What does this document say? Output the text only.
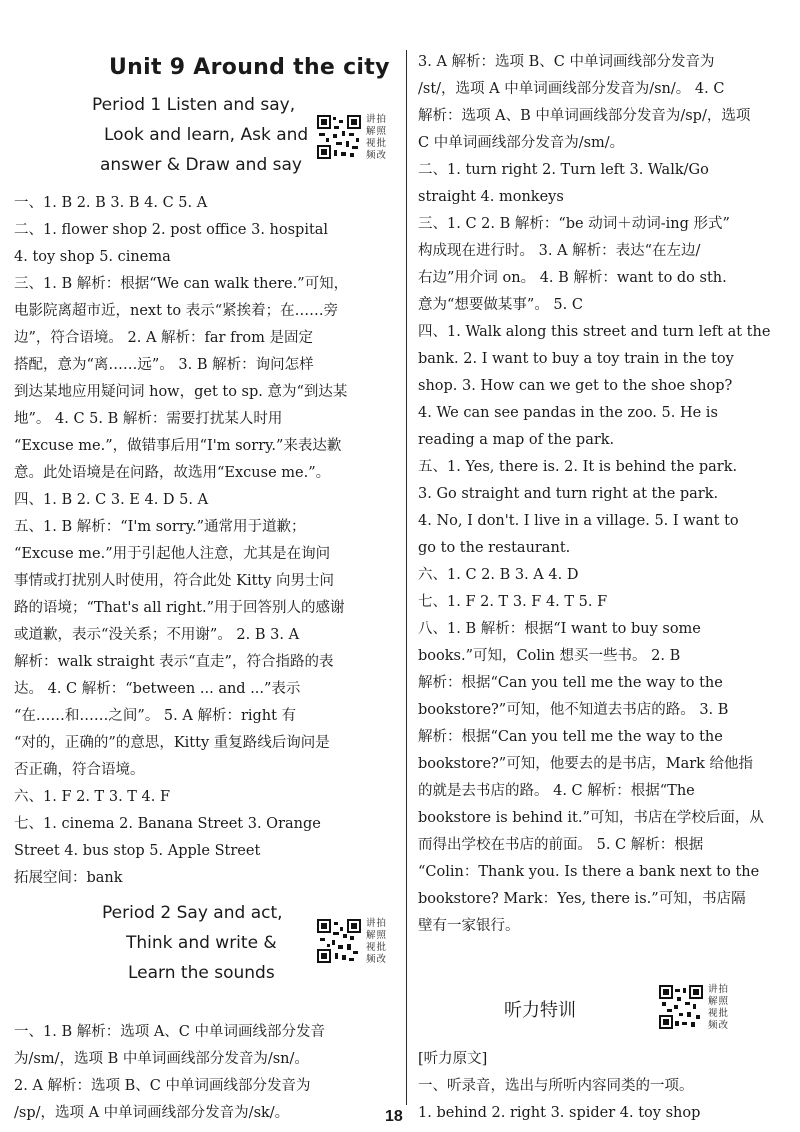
Unit 9 Around the city
Period 1 Listen and say,
Look and learn, Ask and
answer & Draw and say
讲拍解照视批频改
一、1. B 2. B 3. B 4. C 5. A
二、1. flower shop 2. post office 3. hospital
4. toy shop 5. cinema
三、1. B 解析：根据“We can walk there.”可知，
电影院离超市近，next to 表示“紧挨着；在……旁
边”，符合语境。 2. A 解析：far from 是固定
搭配，意为“离……远”。 3. B 解析：询问怎样
到达某地应用疑问词 how，get to sp. 意为“到达某
地”。 4. C 5. B 解析：需要打扰某人时用
“Excuse me.”，做错事后用“I'm sorry.”来表达歉
意。此处语境是在问路，故选用“Excuse me.”。
四、1. B 2. C 3. E 4. D 5. A
五、1. B 解析：“I'm sorry.”通常用于道歉；
“Excuse me.”用于引起他人注意，尤其是在询问
事情或打扰别人时使用，符合此处 Kitty 向男士问
路的语境；“That's all right.”用于回答别人的感谢
或道歉，表示“没关系；不用谢”。 2. B 3. A
解析：walk straight 表示“直走”，符合指路的表
达。 4. C 解析：“between ... and ...”表示
“在……和……之间”。 5. A 解析：right 有
“对的，正确的”的意思，Kitty 重复路线后询问是
否正确，符合语境。
六、1. F 2. T 3. T 4. F
七、1. cinema 2. Banana Street 3. Orange
Street 4. bus stop 5. Apple Street
拓展空间：bank
Period 2 Say and act,
Think and write &
Learn the sounds
讲拍解照视批频改
一、1. B 解析：选项 A、C 中单词画线部分发音
为/sm/，选项 B 中单词画线部分发音为/sn/。
2. A 解析：选项 B、C 中单词画线部分发音为
/sp/，选项 A 中单词画线部分发音为/sk/。
3. A 解析：选项 B、C 中单词画线部分发音为
/st/，选项 A 中单词画线部分发音为/sn/。 4. C
解析：选项 A、B 中单词画线部分发音为/sp/，选项
C 中单词画线部分发音为/sm/。
二、1. turn right 2. Turn left 3. Walk/Go
straight 4. monkeys
三、1. C 2. B 解析：“be 动词＋动词-ing 形式”
构成现在进行时。 3. A 解析：表达“在左边/
右边”用介词 on。 4. B 解析：want to do sth.
意为“想要做某事”。 5. C
四、1. Walk along this street and turn left at the
bank. 2. I want to buy a toy train in the toy
shop. 3. How can we get to the shoe shop?
4. We can see pandas in the zoo. 5. He is
reading a map of the park.
五、1. Yes, there is. 2. It is behind the park.
3. Go straight and turn right at the park.
4. No, I don't. I live in a village. 5. I want to
go to the restaurant.
六、1. C 2. B 3. A 4. D
七、1. F 2. T 3. F 4. T 5. F
八、1. B 解析：根据“I want to buy some
books.”可知，Colin 想买一些书。 2. B
解析：根据“Can you tell me the way to the
bookstore?”可知，他不知道去书店的路。 3. B
解析：根据“Can you tell me the way to the
bookstore?”可知，他要去的是书店，Mark 给他指
的就是去书店的路。 4. C 解析：根据“The
bookstore is behind it.”可知，书店在学校后面，从
而得出学校在书店的前面。 5. C 解析：根据
“Colin：Thank you. Is there a bank next to the
bookstore? Mark：Yes, there is.”可知，书店隔
壁有一家银行。
听力特训
讲拍解照视批频改
[听力原文]
一、听录音，选出与所听内容同类的一项。
1. behind 2. right 3. spider 4. toy shop
18
